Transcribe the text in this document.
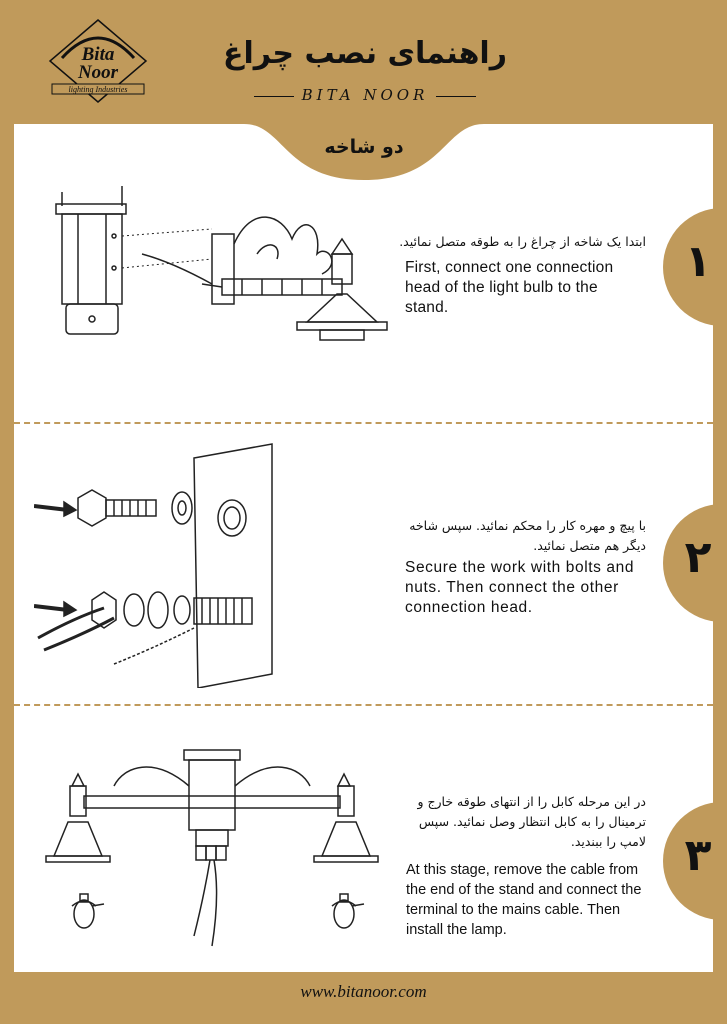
Bita
Noor
lighting Industries
راهنمای نصب چراغ
BITA NOOR
دو شاخه
ابتدا یک شاخه از چراغ را به طوقه متصل نمائید.
First, connect one connection head of the light bulb to the stand.
۱
با پیچ و مهره کار را محکم نمائید. سپس شاخه دیگر هم متصل نمائید.
Secure the work with bolts and nuts. Then connect the other connection head.
۲
در این مرحله کابل را از انتهای طوقه خارج و ترمینال را به کابل انتظار وصل نمائید. سپس لامپ را ببندید.
At this stage, remove the cable from the end of the stand and connect the terminal to the mains cable. Then install the lamp.
۳
www.bitanoor.com
